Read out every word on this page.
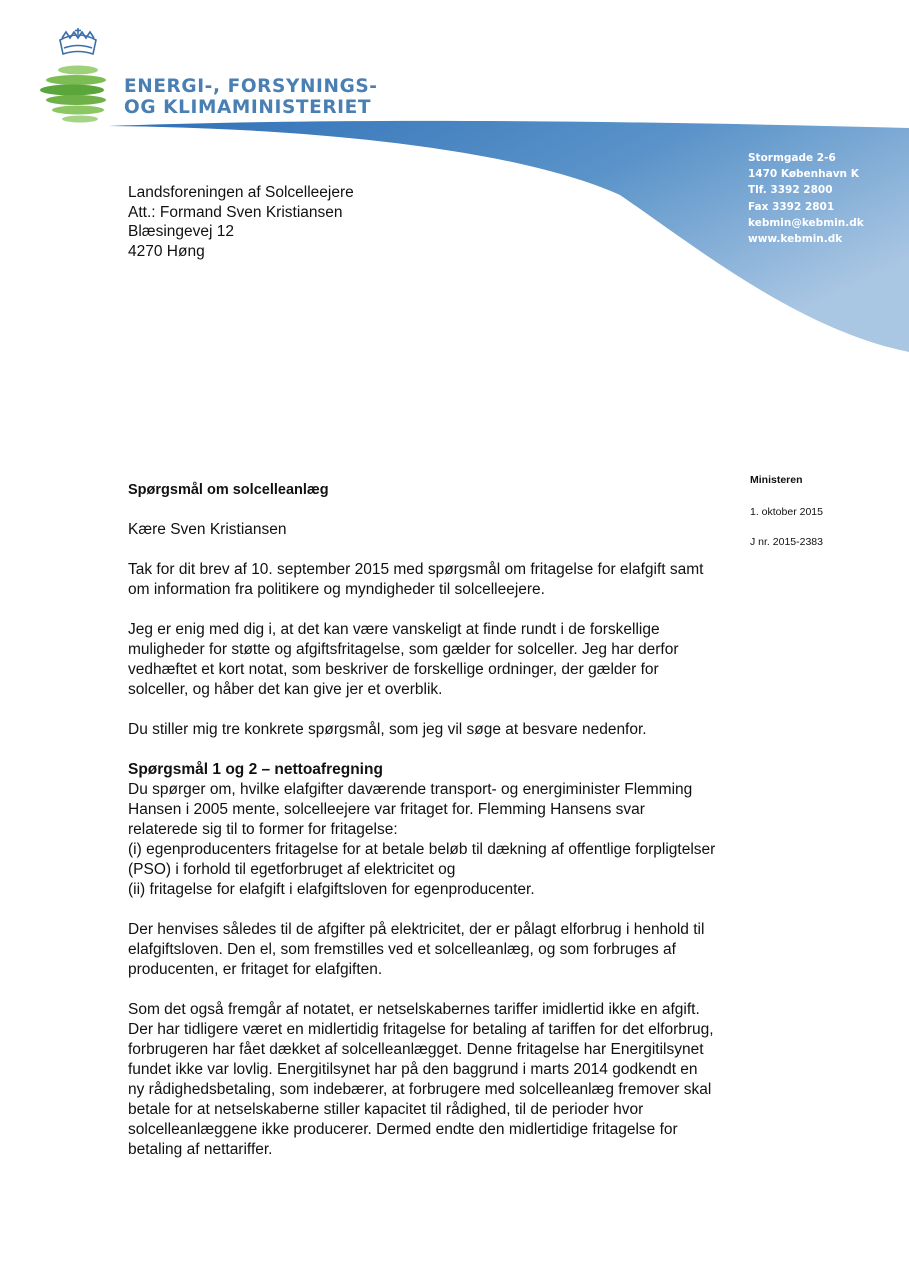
ENERGI-, FORSYNINGS-
OG KLIMAMINISTERIET
Stormgade 2-6
1470 København K
Tlf. 3392 2800
Fax 3392 2801
kebmin@kebmin.dk
www.kebmin.dk
Landsforeningen af Solcelleejere
Att.: Formand Sven Kristiansen
Blæsingevej 12
4270 Høng
Ministeren
1. oktober 2015
J nr. 2015-2383

Spørgsmål om solcelleanlæg

Kære Sven Kristiansen

Tak for dit brev af 10. september 2015 med spørgsmål om fritagelse for elafgift samt om information fra politikere og myndigheder til solcelleejere.

Jeg er enig med dig i, at det kan være vanskeligt at finde rundt i de forskellige muligheder for støtte og afgiftsfritagelse, som gælder for solceller. Jeg har derfor vedhæftet et kort notat, som beskriver de forskellige ordninger, der gælder for solceller, og håber det kan give jer et overblik.

Du stiller mig tre konkrete spørgsmål, som jeg vil søge at besvare nedenfor.

Spørgsmål 1 og 2 – nettoafregning

Du spørger om, hvilke elafgifter daværende transport- og energiminister Flemming Hansen i 2005 mente, solcelleejere var fritaget for. Flemming Hansens svar relaterede sig til to former for fritagelse:

(i) egenproducenters fritagelse for at betale beløb til dækning af offentlige forpligtelser (PSO) i forhold til egetforbruget af elektricitet og

(ii) fritagelse for elafgift i elafgiftsloven for egenproducenter.

Der henvises således til de afgifter på elektricitet, der er pålagt elforbrug i henhold til elafgiftsloven. Den el, som fremstilles ved et solcelleanlæg, og som forbruges af producenten, er fritaget for elafgiften.

Som det også fremgår af notatet, er netselskabernes tariffer imidlertid ikke en afgift. Der har tidligere været en midlertidig fritagelse for betaling af tariffen for det elforbrug, forbrugeren har fået dækket af solcelleanlægget. Denne fritagelse har Energitilsynet fundet ikke var lovlig. Energitilsynet har på den baggrund i marts 2014 godkendt en ny rådighedsbetaling, som indebærer, at forbrugere med solcelleanlæg fremover skal betale for at netselskaberne stiller kapacitet til rådighed, til de perioder hvor solcelleanlæggene ikke producerer. Dermed endte den midlertidige fritagelse for betaling af nettariffer.
